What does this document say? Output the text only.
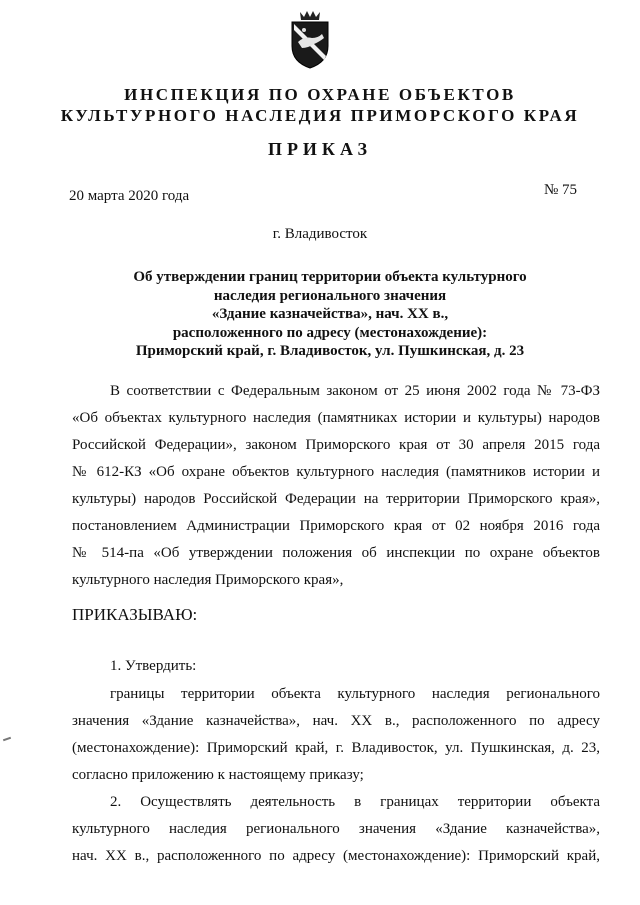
ИНСПЕКЦИЯ ПО ОХРАНЕ ОБЪЕКТОВ
КУЛЬТУРНОГО НАСЛЕДИЯ ПРИМОРСКОГО КРАЯ
ПРИКАЗ
20 марта 2020 года	№ 75
г. Владивосток
Об утверждении границ территории объекта культурного
наследия регионального значения
«Здание казначейства», нач. XX в.,
расположенного по адресу (местонахождение):
Приморский край, г. Владивосток, ул. Пушкинская, д. 23
В соответствии с Федеральным законом от 25 июня 2002 года № 73-ФЗ
«Об объектах культурного наследия (памятниках истории и культуры) народов
Российской Федерации», законом Приморского края от 30 апреля 2015 года
№ 612-КЗ «Об охране объектов культурного наследия (памятников истории и
культуры) народов Российской Федерации на территории Приморского края»,
постановлением Администрации Приморского края от 02 ноября 2016 года
№ 514-па «Об утверждении положения об инспекции по охране объектов
культурного наследия Приморского края»,
ПРИКАЗЫВАЮ:
1. Утвердить:
границы территории объекта культурного наследия регионального
значения «Здание казначейства», нач. XX в., расположенного по адресу
(местонахождение): Приморский край, г. Владивосток, ул. Пушкинская, д. 23,
согласно приложению к настоящему приказу;
2. Осуществлять деятельность в границах территории объекта
культурного наследия регионального значения «Здание казначейства»,
нач. XX в., расположенного по адресу (местонахождение): Приморский край,
